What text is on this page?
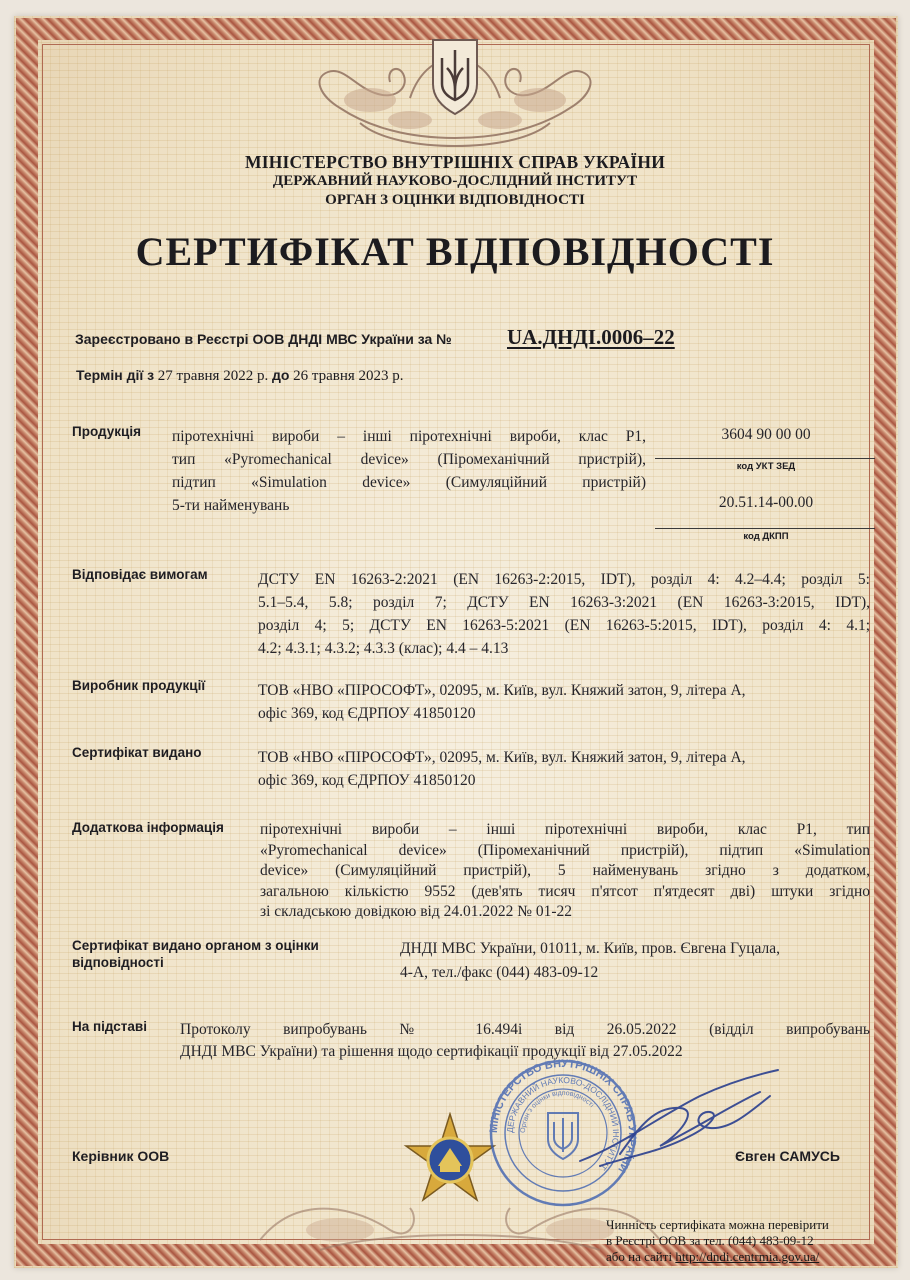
МІНІСТЕРСТВО ВНУТРІШНІХ СПРАВ УКРАЇНИ
ДЕРЖАВНИЙ НАУКОВО-ДОСЛІДНИЙ ІНСТИТУТ
ОРГАН З ОЦІНКИ ВІДПОВІДНОСТІ
СЕРТИФІКАТ ВІДПОВІДНОСТІ
Зареєстровано в Реєстрі ООВ ДНДІ МВС України за №	UA.ДНДІ.0006–22
Термін дії з 27 травня 2022 р. до 26 травня 2023 р.
Продукція піротехнічні вироби – інші піротехнічні вироби, клас Р1,
тип «Pyromechanical device» (Піромеханічний пристрій),
підтип «Simulation device» (Симуляційний пристрій)
5-ти найменувань
3604 90 00 00
код УКТ ЗЕД
20.51.14-00.00
код ДКПП
Відповідає вимогам	ДСТУ EN 16263-2:2021 (EN 16263-2:2015, IDT), розділ 4: 4.2–4.4; розділ 5:
5.1–5.4, 5.8; розділ 7; ДСТУ EN 16263-3:2021 (EN 16263-3:2015, IDT),
розділ 4; 5; ДСТУ EN 16263-5:2021 (EN 16263-5:2015, IDT), розділ 4: 4.1;
4.2; 4.3.1; 4.3.2; 4.3.3 (клас); 4.4 – 4.13
Виробник продукції	ТОВ «НВО «ПІРОСОФТ», 02095, м. Київ, вул. Княжий затон, 9, літера А,
офіс 369, код ЄДРПОУ 41850120
Сертифікат видано	ТОВ «НВО «ПІРОСОФТ», 02095, м. Київ, вул. Княжий затон, 9, літера А,
офіс 369, код ЄДРПОУ 41850120
Додаткова інформація піротехнічні вироби – інші піротехнічні вироби, клас Р1, тип
«Pyromechanical device» (Піромеханічний пристрій), підтип «Simulation
device» (Симуляційний пристрій), 5 найменувань згідно з додатком,
загальною кількістю 9552 (дев'ять тисяч п'ятсот п'ятдесят дві) штуки згідно
зі складською довідкою від 24.01.2022 № 01-22
Сертифікат видано органом з оцінки
відповідності
ДНДІ МВС України, 01011, м. Київ, пров. Євгена Гуцала,
4-А, тел./факс (044) 483-09-12
На підставі Протоколу випробувань № 16.494і від 26.05.2022 (відділ випробувань
ДНДІ МВС України) та рішення щодо сертифікації продукції від 27.05.2022
МІНІСТЕРСТВО ВНУТРІШНІХ СПРАВ УКРАЇНИ
ДЕРЖАВНИЙ НАУКОВО-ДОСЛІДНИЙ ІНСТИТУТ
Орган з оцінки відповідності
Керівник ООВ	Євген САМУСЬ
Чинність сертифіката можна перевірити
в Реєстрі ООВ за тел. (044) 483-09-12
або на сайті http://dndi.centrmia.gov.ua/
